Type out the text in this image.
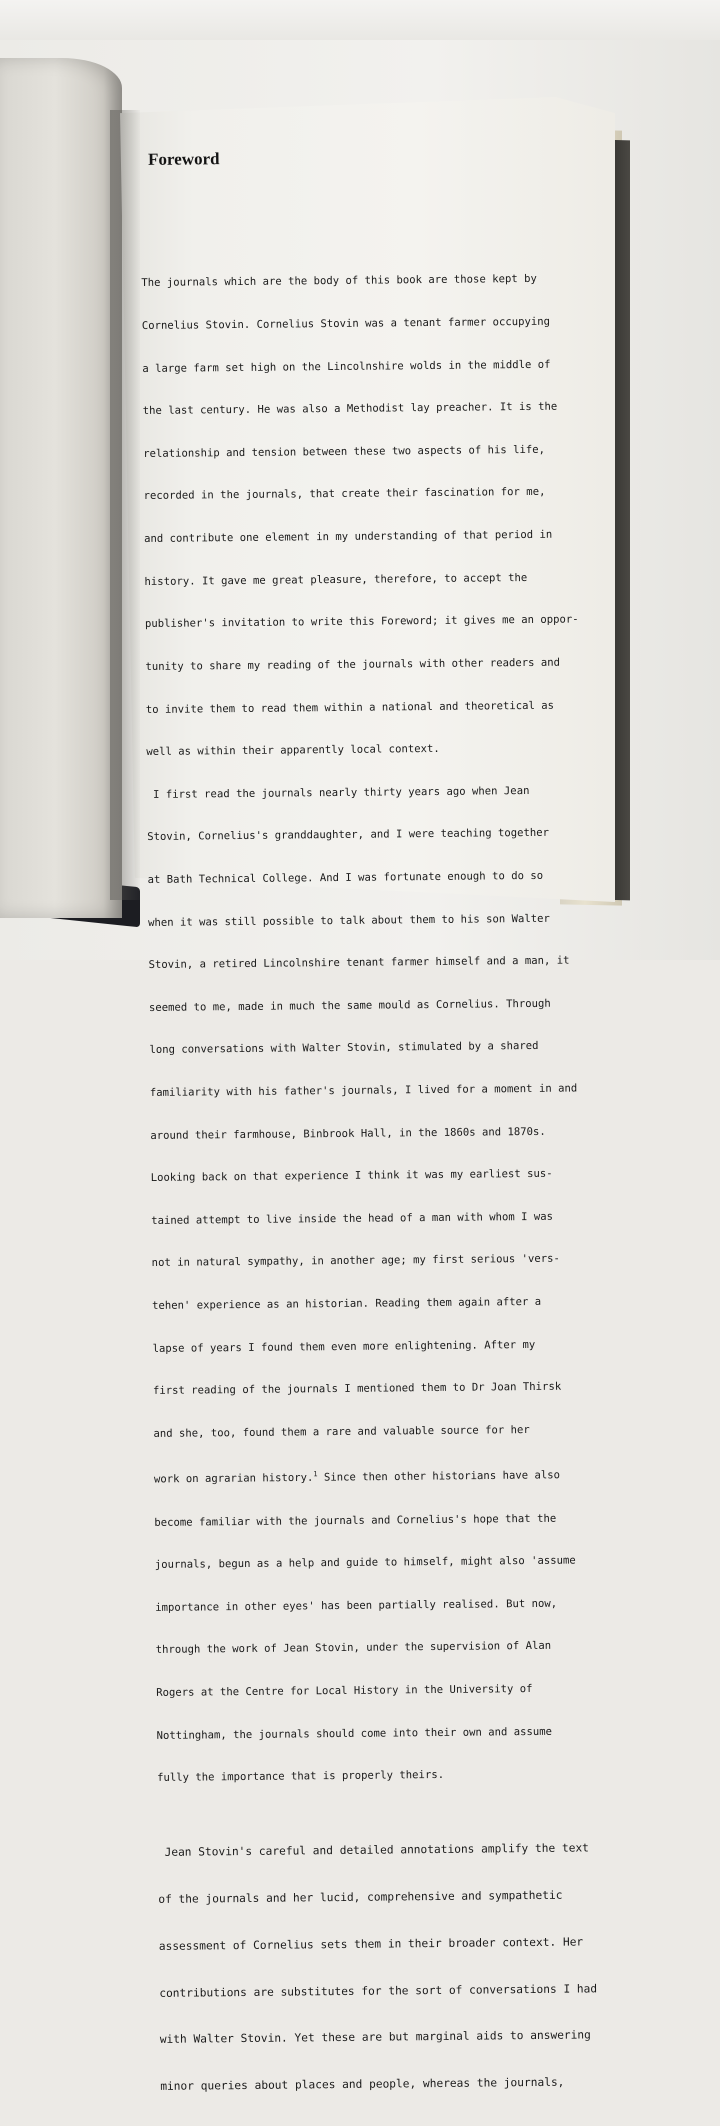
Foreword

The journals which are the body of this book are those kept by

Cornelius Stovin. Cornelius Stovin was a tenant farmer occupying

a large farm set high on the Lincolnshire wolds in the middle of

the last century. He was also a Methodist lay preacher. It is the

relationship and tension between these two aspects of his life,

recorded in the journals, that create their fascination for me,

and contribute one element in my understanding of that period in

history. It gave me great pleasure, therefore, to accept the

publisher's invitation to write this Foreword; it gives me an oppor-

tunity to share my reading of the journals with other readers and

to invite them to read them within a national and theoretical as

well as within their apparently local context.

I first read the journals nearly thirty years ago when Jean

Stovin, Cornelius's granddaughter, and I were teaching together

at Bath Technical College. And I was fortunate enough to do so

when it was still possible to talk about them to his son Walter

Stovin, a retired Lincolnshire tenant farmer himself and a man, it

seemed to me, made in much the same mould as Cornelius. Through

long conversations with Walter Stovin, stimulated by a shared

familiarity with his father's journals, I lived for a moment in and

around their farmhouse, Binbrook Hall, in the 1860s and 1870s.

Looking back on that experience I think it was my earliest sus-

tained attempt to live inside the head of a man with whom I was

not in natural sympathy, in another age; my first serious 'vers-

tehen' experience as an historian. Reading them again after a

lapse of years I found them even more enlightening. After my

first reading of the journals I mentioned them to Dr Joan Thirsk

and she, too, found them a rare and valuable source for her

work on agrarian history.$^1$ Since then other historians have also

become familiar with the journals and Cornelius's hope that the

journals, begun as a help and guide to himself, might also 'assume

importance in other eyes' has been partially realised. But now,

through the work of Jean Stovin, under the supervision of Alan

Rogers at the Centre for Local History in the University of

Nottingham, the journals should come into their own and assume

fully the importance that is properly theirs.

Jean Stovin's careful and detailed annotations amplify the text

of the journals and her lucid, comprehensive and sympathetic

assessment of Cornelius sets them in their broader context. Her

contributions are substitutes for the sort of conversations I had

with Walter Stovin. Yet these are but marginal aids to answering

minor queries about places and people, whereas the journals,
